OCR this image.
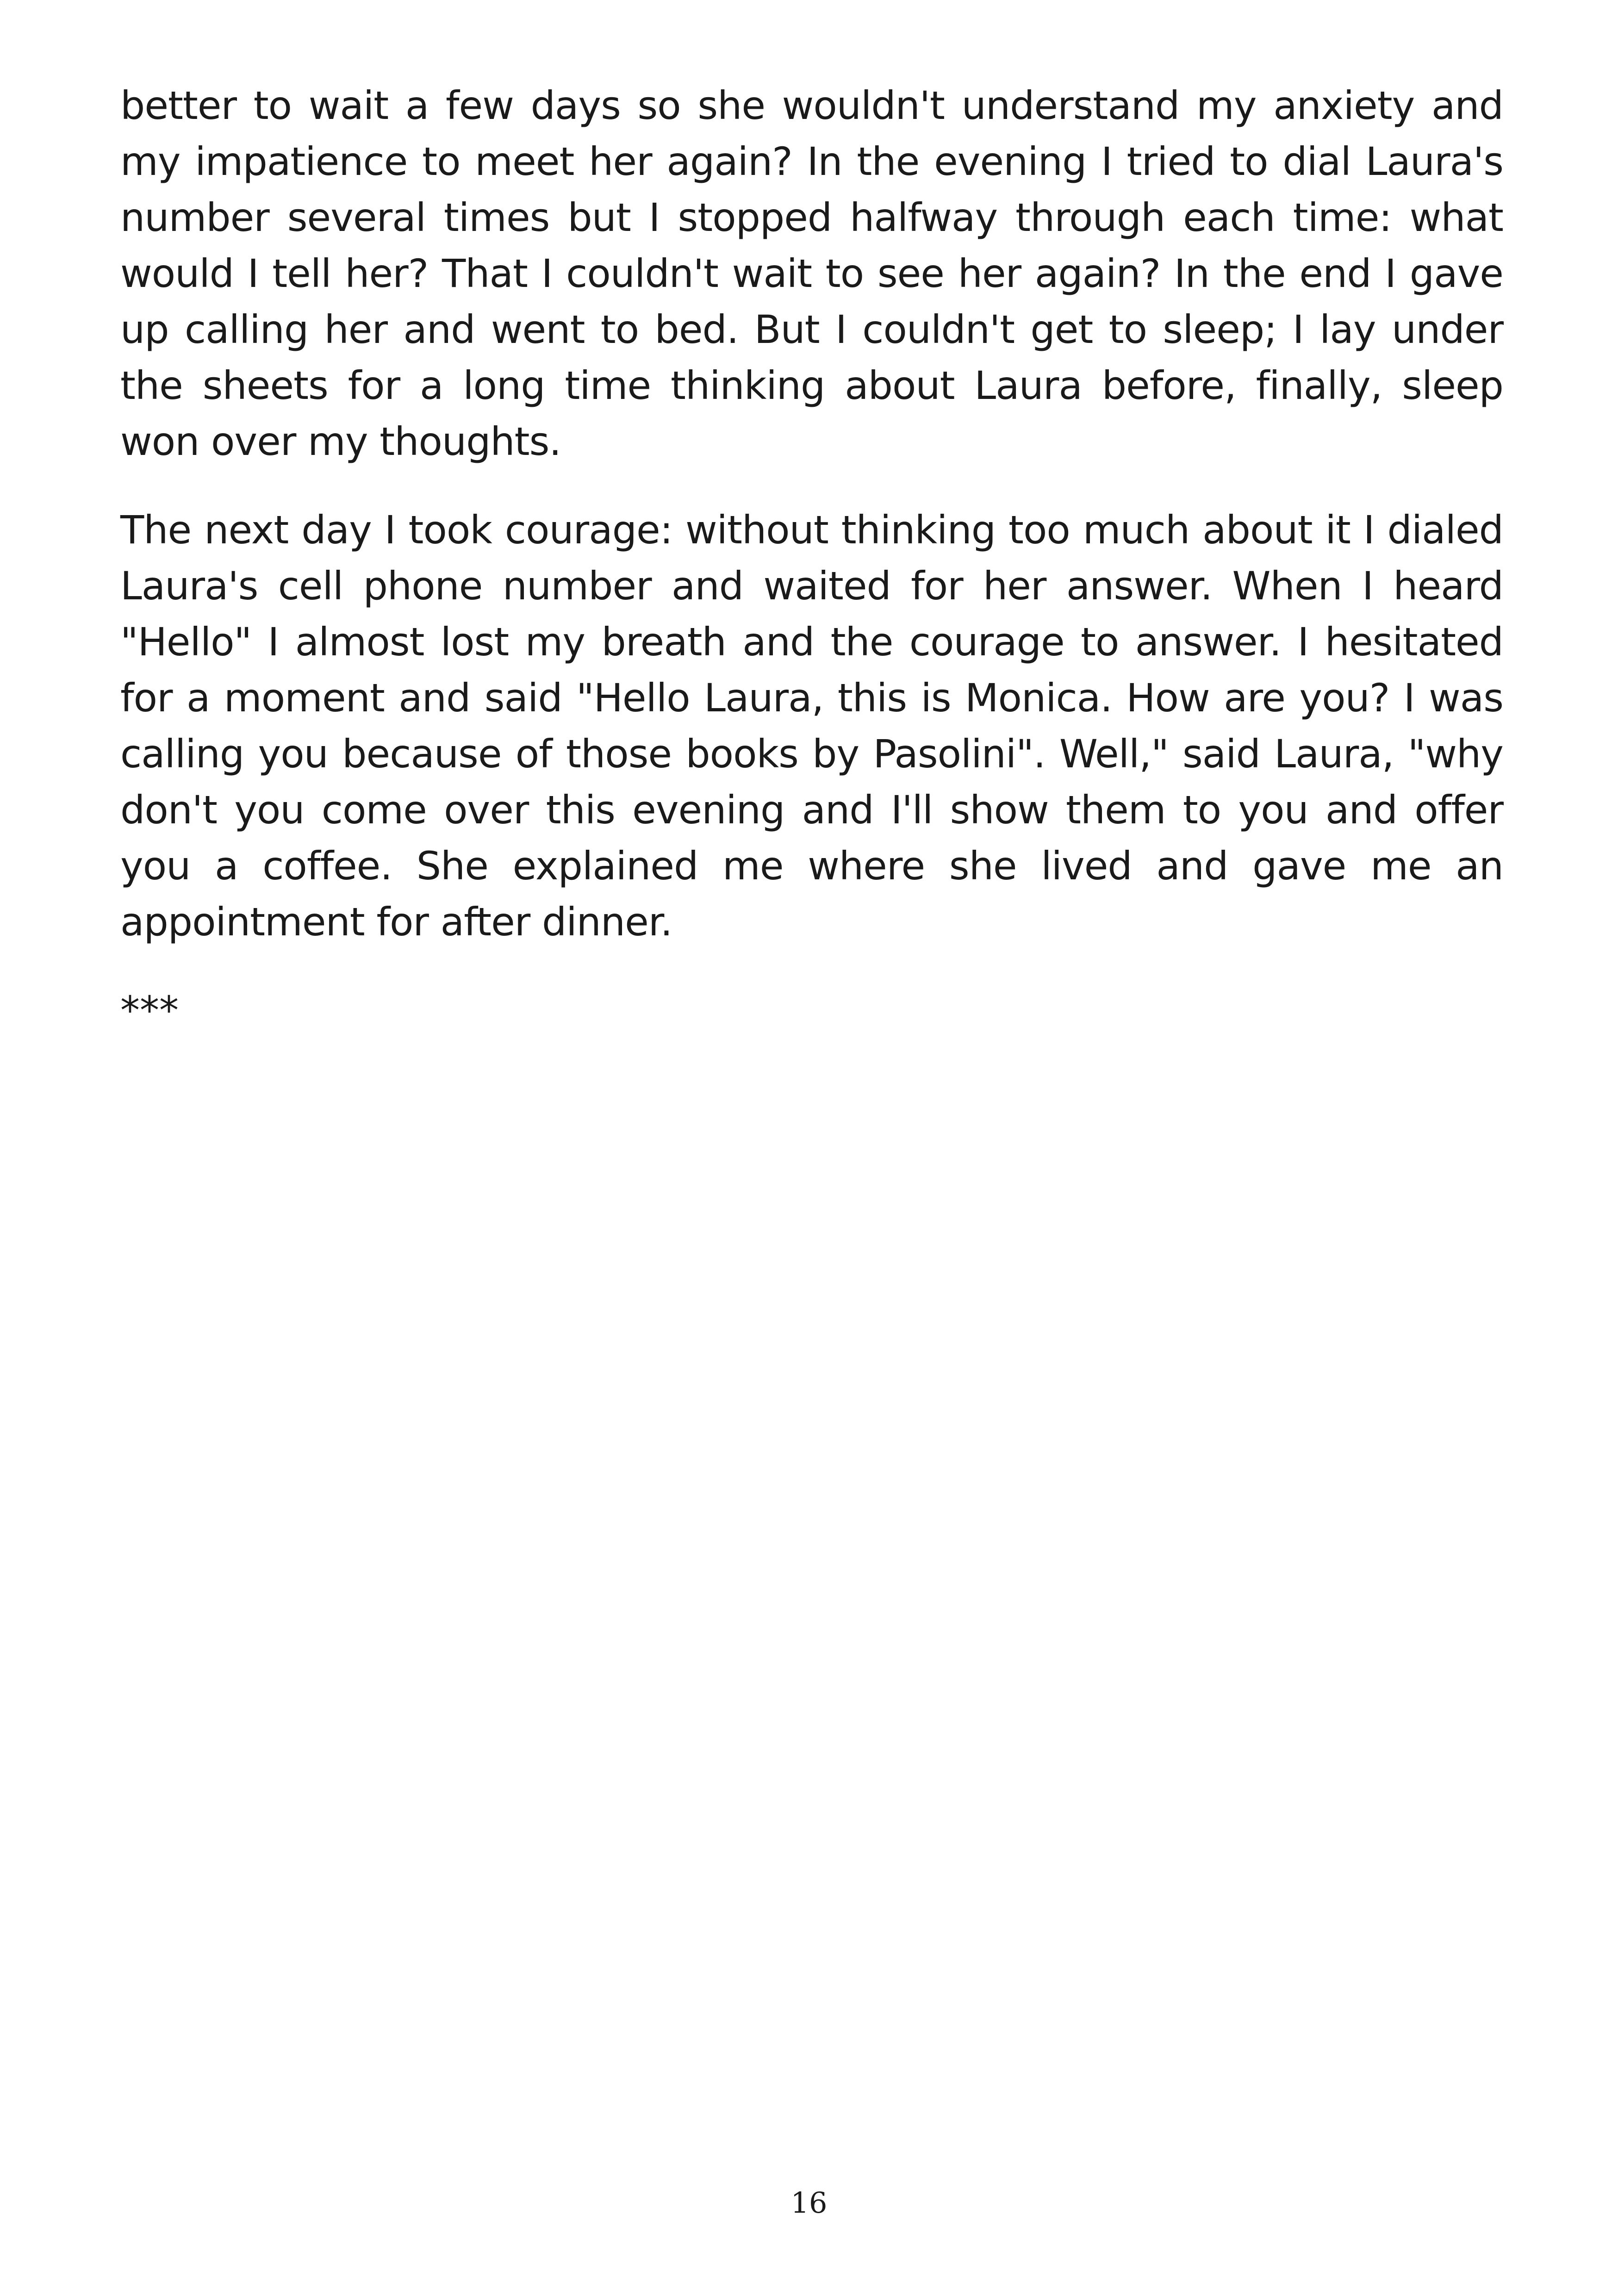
better to wait a few days so she wouldn't understand my anxiety and my impatience to meet her again? In the evening I tried to dial Laura's number several times but I stopped halfway through each time: what would I tell her? That I couldn't wait to see her again? In the end I gave up calling her and went to bed. But I couldn't get to sleep; I lay under the sheets for a long time thinking about Laura before, finally, sleep won over my thoughts.

The next day I took courage: without thinking too much about it I dialed Laura's cell phone number and waited for her answer. When I heard "Hello" I almost lost my breath and the courage to answer. I hesitated for a moment and said "Hello Laura, this is Monica. How are you? I was calling you because of those books by Pasolini". Well," said Laura, "why don't you come over this evening and I'll show them to you and offer you a coffee. She explained me where she lived and gave me an appointment for after dinner.

***

16
